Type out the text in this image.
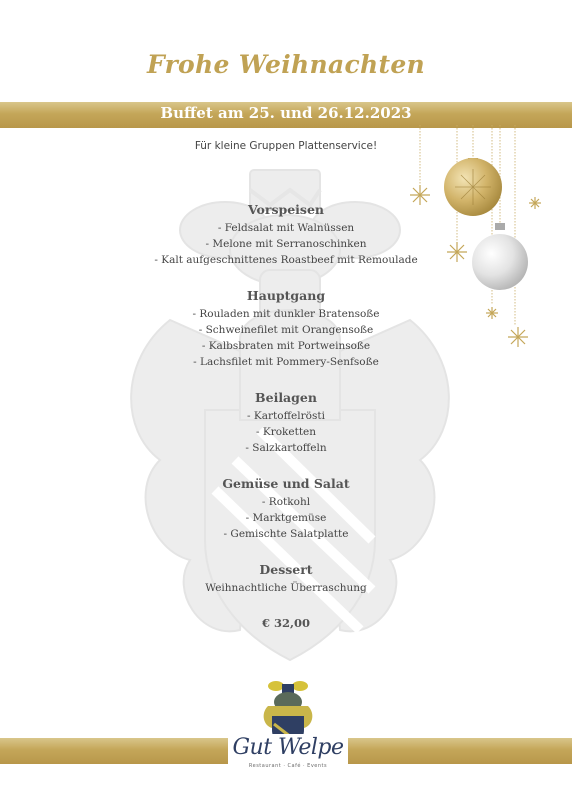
Frohe Weihnachten
Buffet am 25. und 26.12.2023
Für kleine Gruppen Plattenservice!
Vorspeisen
- Feldsalat mit Walnüssen
- Melone mit Serranoschinken
- Kalt aufgeschnittenes Roastbeef mit Remoulade
Hauptgang
- Rouladen mit dunkler Bratensoße
- Schweinefilet mit Orangensoße
- Kalbsbraten mit Portweinsoße
- Lachsfilet mit Pommery-Senfsoße
Beilagen
- Kartoffelrösti
- Kroketten
- Salzkartoffeln
Gemüse und Salat
- Rotkohl
- Marktgemüse
- Gemischte Salatplatte
Dessert
Weihnachtliche Überraschung
€ 32,00
Gut Welpe
Restaurant · Café · Events
